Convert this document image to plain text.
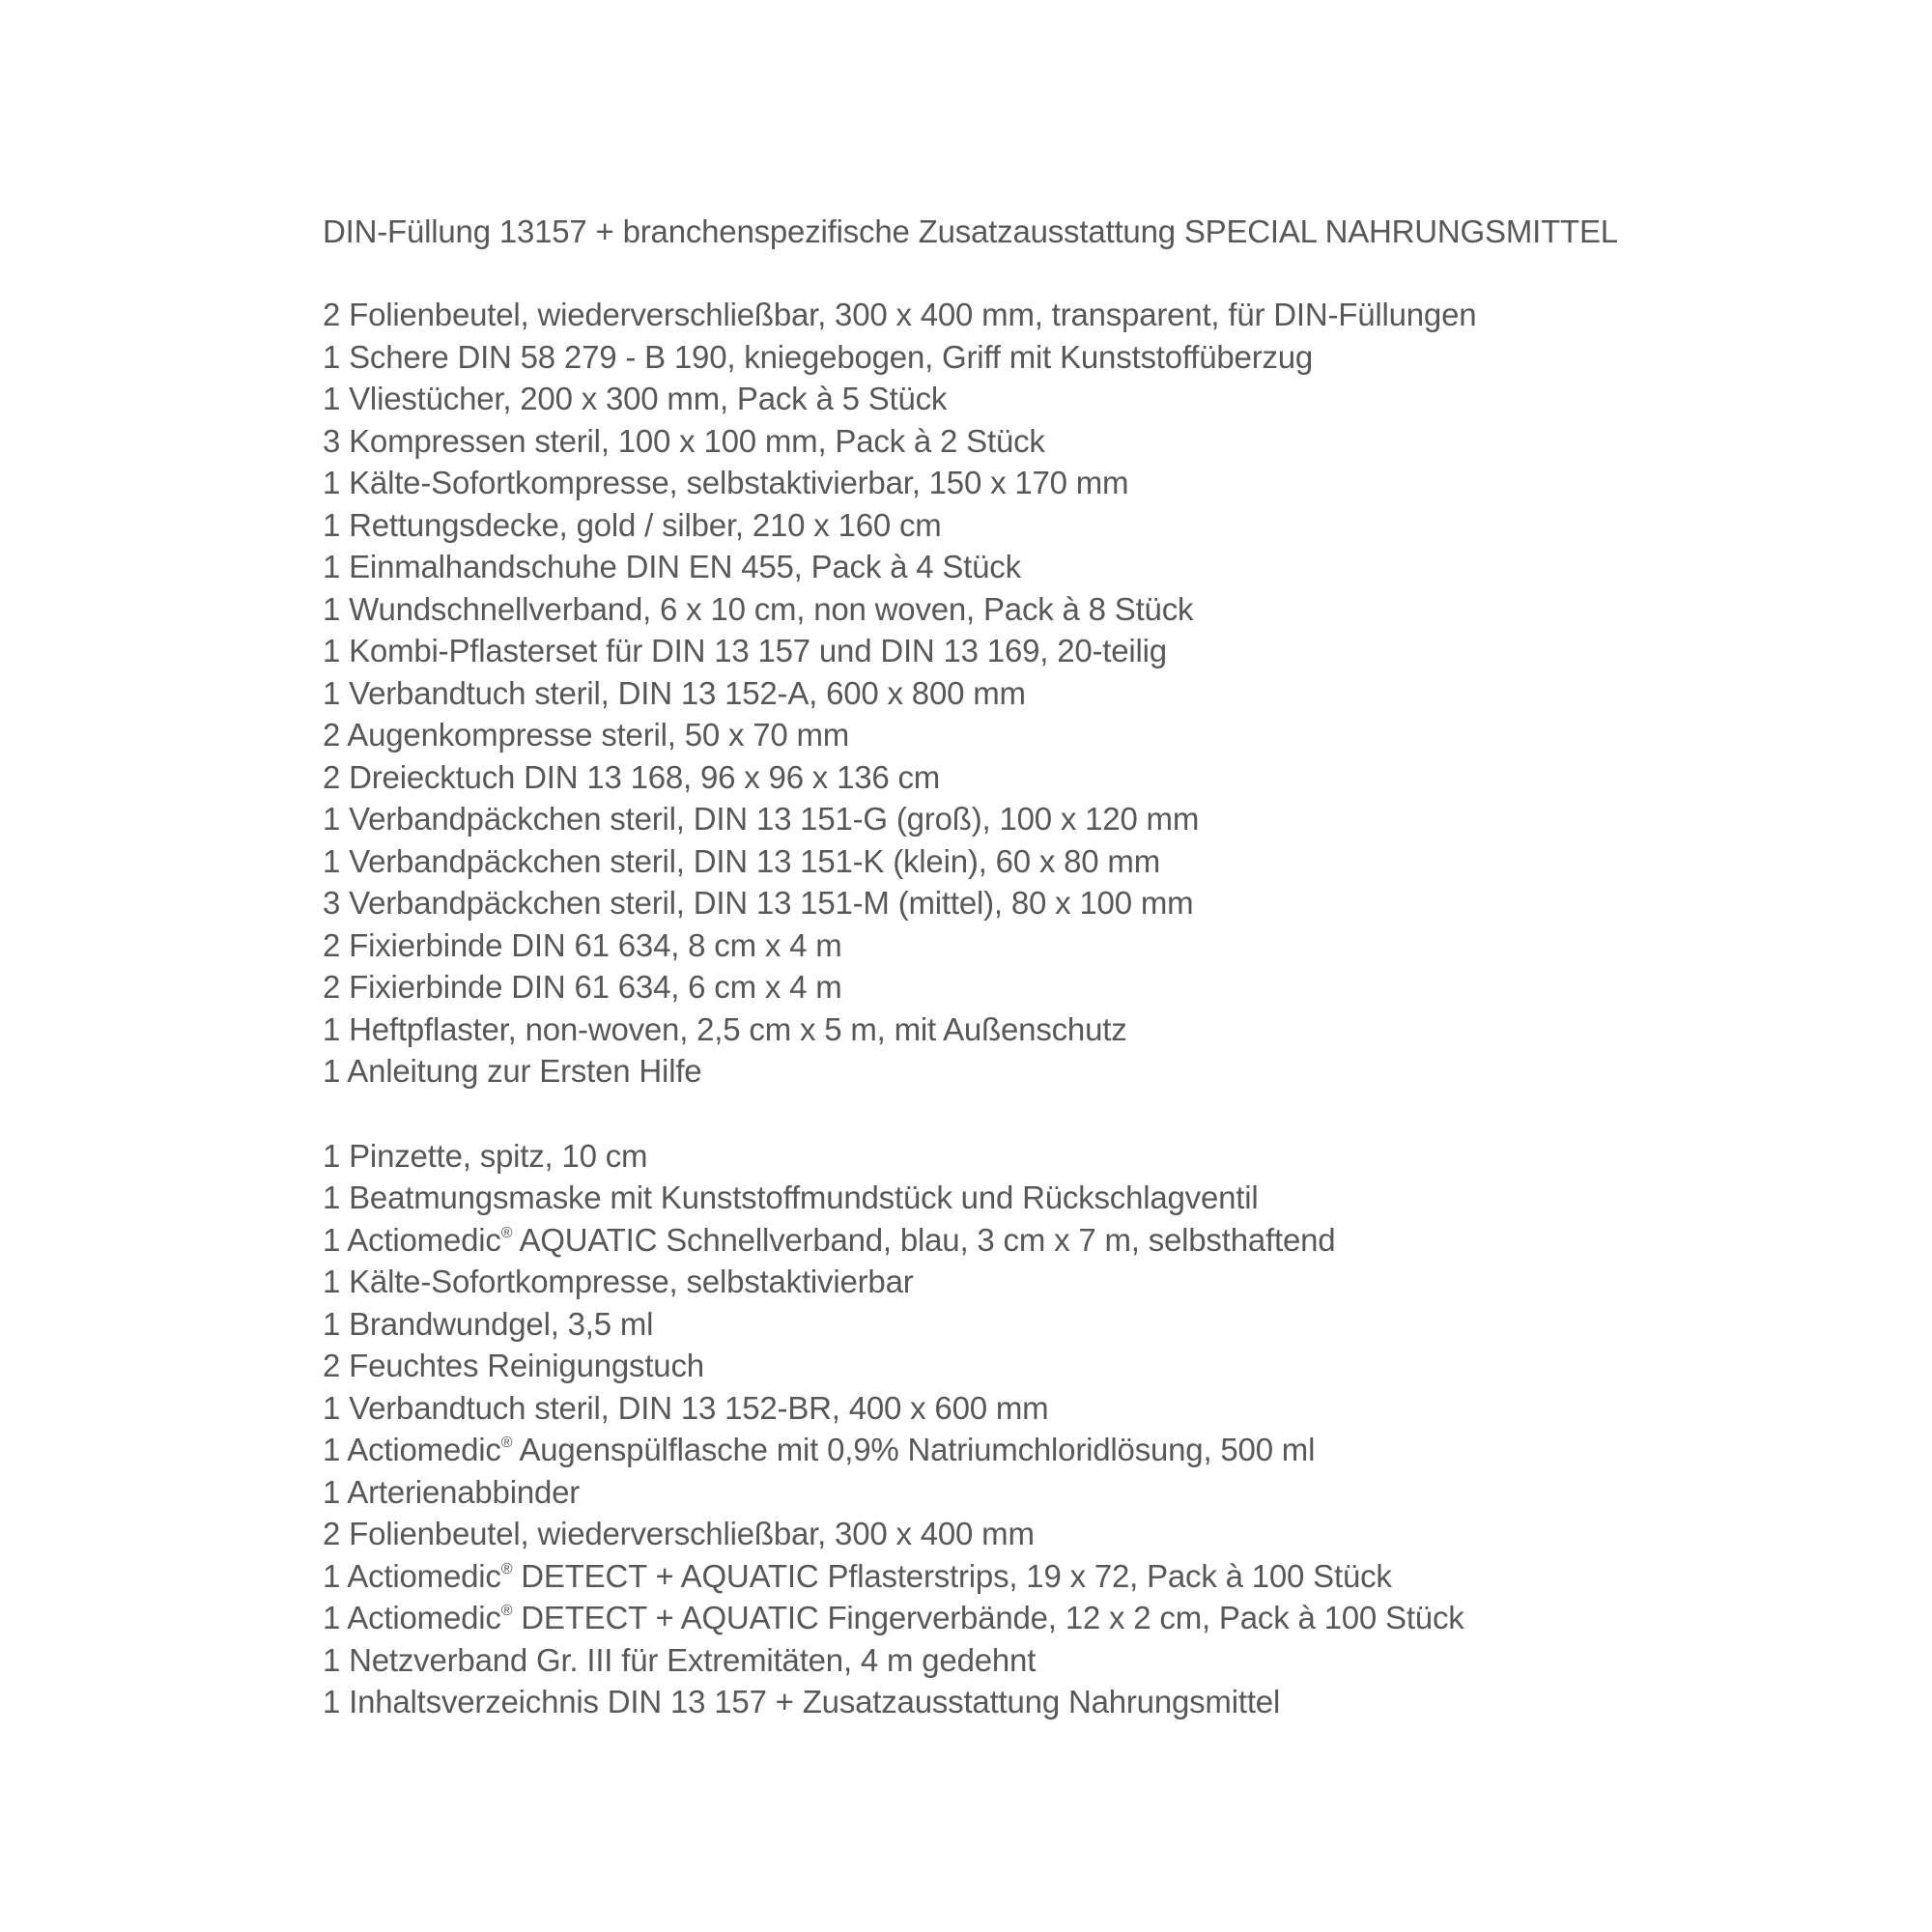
DIN-Füllung 13157 + branchenspezifische Zusatzausstattung SPECIAL NAHRUNGSMITTEL

2 Folienbeutel, wiederverschließbar, 300 x 400 mm, transparent, für DIN-Füllungen
1 Schere DIN 58 279 - B 190, kniegebogen, Griff mit Kunststoffüberzug
1 Vliestücher, 200 x 300 mm, Pack à 5 Stück
3 Kompressen steril, 100 x 100 mm, Pack à 2 Stück
1 Kälte-Sofortkompresse, selbstaktivierbar, 150 x 170 mm
1 Rettungsdecke, gold / silber, 210 x 160 cm
1 Einmalhandschuhe DIN EN 455, Pack à 4 Stück
1 Wundschnellverband, 6 x 10 cm, non woven, Pack à 8 Stück
1 Kombi-Pflasterset für DIN 13 157 und DIN 13 169, 20-teilig
1 Verbandtuch steril, DIN 13 152-A, 600 x 800 mm
2 Augenkompresse steril, 50 x 70 mm
2 Dreiecktuch DIN 13 168, 96 x 96 x 136 cm
1 Verbandpäckchen steril, DIN 13 151-G (groß), 100 x 120 mm
1 Verbandpäckchen steril, DIN 13 151-K (klein), 60 x 80 mm
3 Verbandpäckchen steril, DIN 13 151-M (mittel), 80 x 100 mm
2 Fixierbinde DIN 61 634, 8 cm x 4 m
2 Fixierbinde DIN 61 634, 6 cm x 4 m
1 Heftpflaster, non-woven, 2,5 cm x 5 m, mit Außenschutz
1 Anleitung zur Ersten Hilfe
1 Pinzette, spitz, 10 cm
1 Beatmungsmaske mit Kunststoffmundstück und Rückschlagventil
1 Actiomedic® AQUATIC Schnellverband, blau, 3 cm x 7 m, selbsthaftend
1 Kälte-Sofortkompresse, selbstaktivierbar
1 Brandwundgel, 3,5 ml
2 Feuchtes Reinigungstuch
1 Verbandtuch steril, DIN 13 152-BR, 400 x 600 mm
1 Actiomedic® Augenspülflasche mit 0,9% Natriumchloridlösung, 500 ml
1 Arterienabbinder
2 Folienbeutel, wiederverschließbar, 300 x 400 mm
1 Actiomedic® DETECT + AQUATIC Pflasterstrips, 19 x 72, Pack à 100 Stück
1 Actiomedic® DETECT + AQUATIC Fingerverbände, 12 x 2 cm, Pack à 100 Stück
1 Netzverband Gr. III für Extremitäten, 4 m gedehnt
1 Inhaltsverzeichnis DIN 13 157 + Zusatzausstattung Nahrungsmittel
